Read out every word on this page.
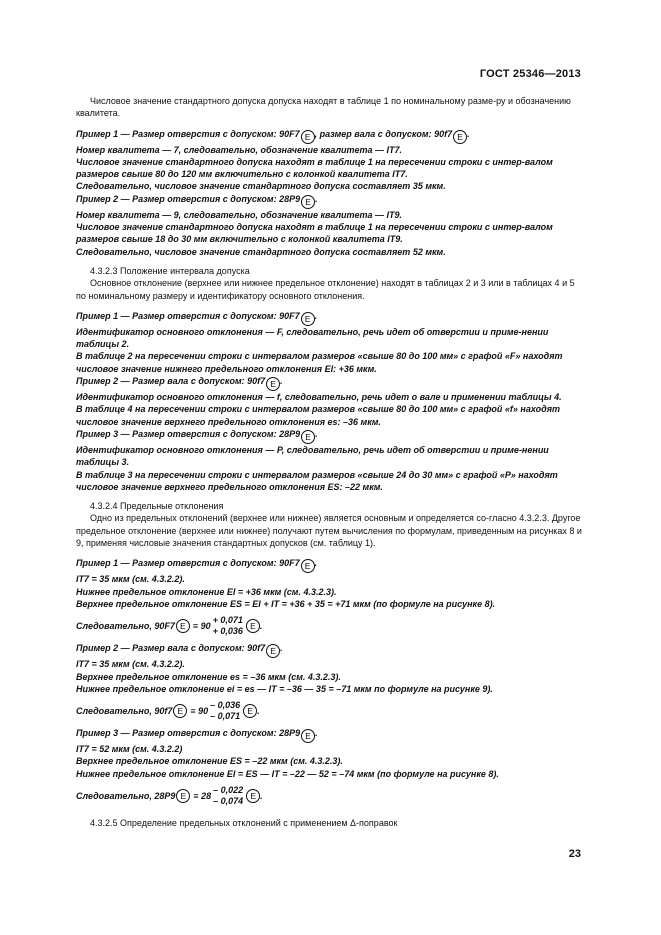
ГОСТ 25346—2013

Числовое значение стандартного допуска допуска находят в таблице 1 по номинальному разме-ру и обозначению квалитета.

Пример 1 — Размер отверстия с допуском: 90F7 E , размер вала с допуском: 90f7 E .

Номер квалитета — 7, следовательно, обозначение квалитета — IT7.

Числовое значение стандартного допуска находят в таблице 1 на пересечении строки с интер-валом размеров свыше 80 до 120 мм включительно с колонкой квалитета IT7.

Следовательно, числовое значение стандартного допуска составляет 35 мкм.

Пример 2 — Размер отверстия с допуском: 28P9 E .

Номер квалитета — 9, следовательно, обозначение квалитета — IT9.

Числовое значение стандартного допуска находят в таблице 1 на пересечении строки с интер-валом размеров свыше 18 до 30 мм включительно с колонкой квалитета IT9.

Следовательно, числовое значение стандартного допуска составляет 52 мкм.

4.3.2.3 Положение интервала допуска

Основное отклонение (верхнее или нижнее предельное отклонение) находят в таблицах 2 и 3 или в таблицах 4 и 5 по номинальному размеру и идентификатору основного отклонения.

Пример 1 — Размер отверстия с допуском: 90F7 E .

Идентификатор основного отклонения — F, следовательно, речь идет об отверстии и приме-нении таблицы 2.

В таблице 2 на пересечении строки с интервалом размеров «свыше 80 до 100 мм» с графой «F» находят числовое значение нижнего предельного отклонения EI: +36 мкм.

Пример 2 — Размер вала с допуском: 90f7 E .

Идентификатор основного отклонения — f, следовательно, речь идет о вале и применении таблицы 4.

В таблице 4 на пересечении строки с интервалом размеров «свыше 80 до 100 мм» с графой «f» находят числовое значение верхнего предельного отклонения es: –36 мкм.

Пример 3 — Размер отверстия с допуском: 28P9 E .

Идентификатор основного отклонения — Р, следовательно, речь идет об отверстии и приме-нении таблицы 3.

В таблице 3 на пересечении строки с интервалом размеров «свыше 24 до 30 мм» с графой «Р» находят числовое значение верхнего предельного отклонения ES: –22 мкм.

4.3.2.4 Предельные отклонения

Одно из предельных отклонений (верхнее или нижнее) является основным и определяется со-гласно 4.3.2.3. Другое предельное отклонение (верхнее или нижнее) получают путем вычисления по формулам, приведенным на рисунках 8 и 9, применяя числовые значения стандартных допусков (см. таблицу 1).

Пример 1 — Размер отверстия с допуском: 90F7 E .

IT7 = 35 мкм (см. 4.3.2.2).

Нижнее предельное отклонение EI = +36 мкм (см. 4.3.2.3).

Верхнее предельное отклонение ES = EI + IT = +36 + 35 = +71 мкм (по формуле на рисунке 8).

Следовательно, 90F7 E ≡ 90
+ 0,071
+ 0,036 E .

Пример 2 — Размер вала с допуском: 90f7 E .

IT7 = 35 мкм (см. 4.3.2.2).

Верхнее предельное отклонение es = –36 мкм (см. 4.3.2.3).

Нижнее предельное отклонение ei = es — IT = –36 — 35 = –71 мкм по формуле на рисунке 9).

Следовательно, 90f7 E ≡ 90
– 0,036
– 0,071 E .

Пример 3 — Размер отверстия с допуском: 28P9 E .

IT7 = 52 мкм (см. 4.3.2.2)

Верхнее предельное отклонение ES = –22 мкм (см. 4.3.2.3).

Нижнее предельное отклонение EI = ES — IT = –22 — 52 = –74 мкм (по формуле на рисунке 8).

Следовательно, 28P9 E ≡ 28
– 0,022
– 0,074 E .

4.3.2.5 Определение предельных отклонений с применением Δ-поправок

23
